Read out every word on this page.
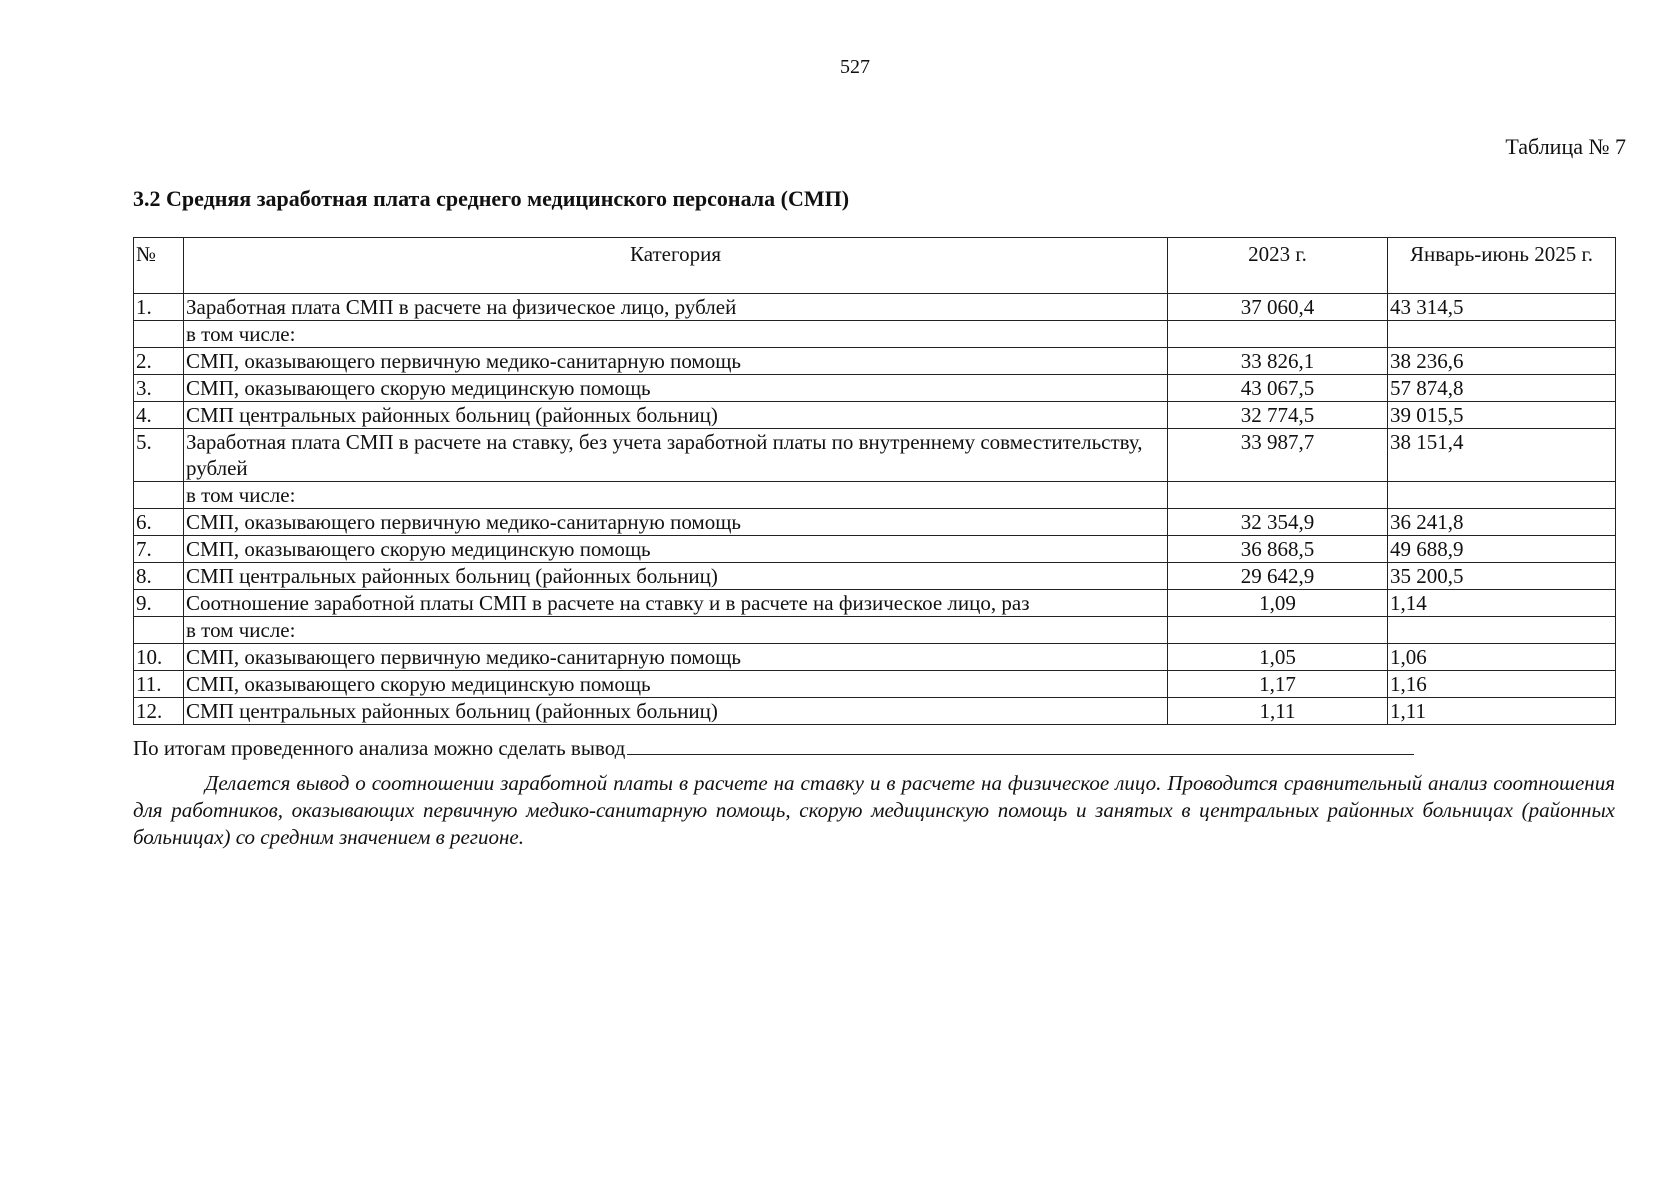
527
Таблица № 7
3.2 Средняя заработная плата среднего медицинского персонала (СМП)
№	Категория	2023 г.	Январь-июнь 2025 г.
1.	Заработная плата СМП в расчете на физическое лицо, рублей	37 060,4	43 314,5
	в том числе:		
2.	СМП, оказывающего первичную медико-санитарную помощь	33 826,1	38 236,6
3.	СМП, оказывающего скорую медицинскую помощь	43 067,5	57 874,8
4.	СМП центральных районных больниц (районных больниц)	32 774,5	39 015,5
5.	Заработная плата СМП в расчете на ставку, без учета заработной платы по внутреннему совместительству, рублей	33 987,7	38 151,4
	в том числе:		
6.	СМП, оказывающего первичную медико-санитарную помощь	32 354,9	36 241,8
7.	СМП, оказывающего скорую медицинскую помощь	36 868,5	49 688,9
8.	СМП центральных районных больниц (районных больниц)	29 642,9	35 200,5
9.	Соотношение заработной платы СМП в расчете на ставку и в расчете на физическое лицо, раз	1,09	1,14
	в том числе:		
10.	СМП, оказывающего первичную медико-санитарную помощь	1,05	1,06
11.	СМП, оказывающего скорую медицинскую помощь	1,17	1,16
12.	СМП центральных районных больниц (районных больниц)	1,11	1,11
По итогам проведенного анализа можно сделать вывод
Делается вывод о соотношении заработной платы в расчете на ставку и в расчете на физическое лицо. Проводится сравнительный анализ соотношения для работников, оказывающих первичную медико-санитарную помощь, скорую медицинскую помощь и занятых в центральных районных больницах (районных больницах) со средним значением в регионе.
